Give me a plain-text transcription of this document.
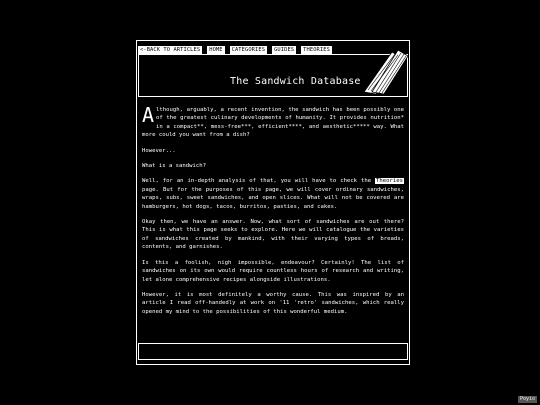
<-BACK TO ARTICLES	HOME	CATEGORIES	GUIDES	THEORIES
The Sandwich Database

Although, arguably, a recent invention, the sandwich has been possibly one of the greatest culinary developments of humanity. It provides nutrition* in a compact**, mess-free***, efficient****, and aesthetic***** way. What more could you want from a dish?

However...

What is a sandwich?

Well, for an in-depth analysis of that, you will have to check the Theories page. But for the purposes of this page, we will cover ordinary sandwiches, wraps, subs, sweet sandwiches, and open slices. What will not be covered are hamburgers, hot dogs, tacos, burritos, pasties, and cakes.

Okay then, we have an answer. Now, what sort of sandwiches are out there? This is what this page seeks to explore. Here we will catalogue the varieties of sandwiches created by mankind, with their varying types of breads, contents, and garnishes.

Is this a foolish, nigh impossible, endeavour? Certainly! The list of sandwiches on its own would require countless hours of research and writing, let alone comprehensive recipes alongside illustrations.

However, it is most definitely a worthy cause. This was inspired by an article I read off-handedly at work on '11 'retro' sandwiches, which really opened my mind to the possibilities of this wonderful medium.

Poyio
